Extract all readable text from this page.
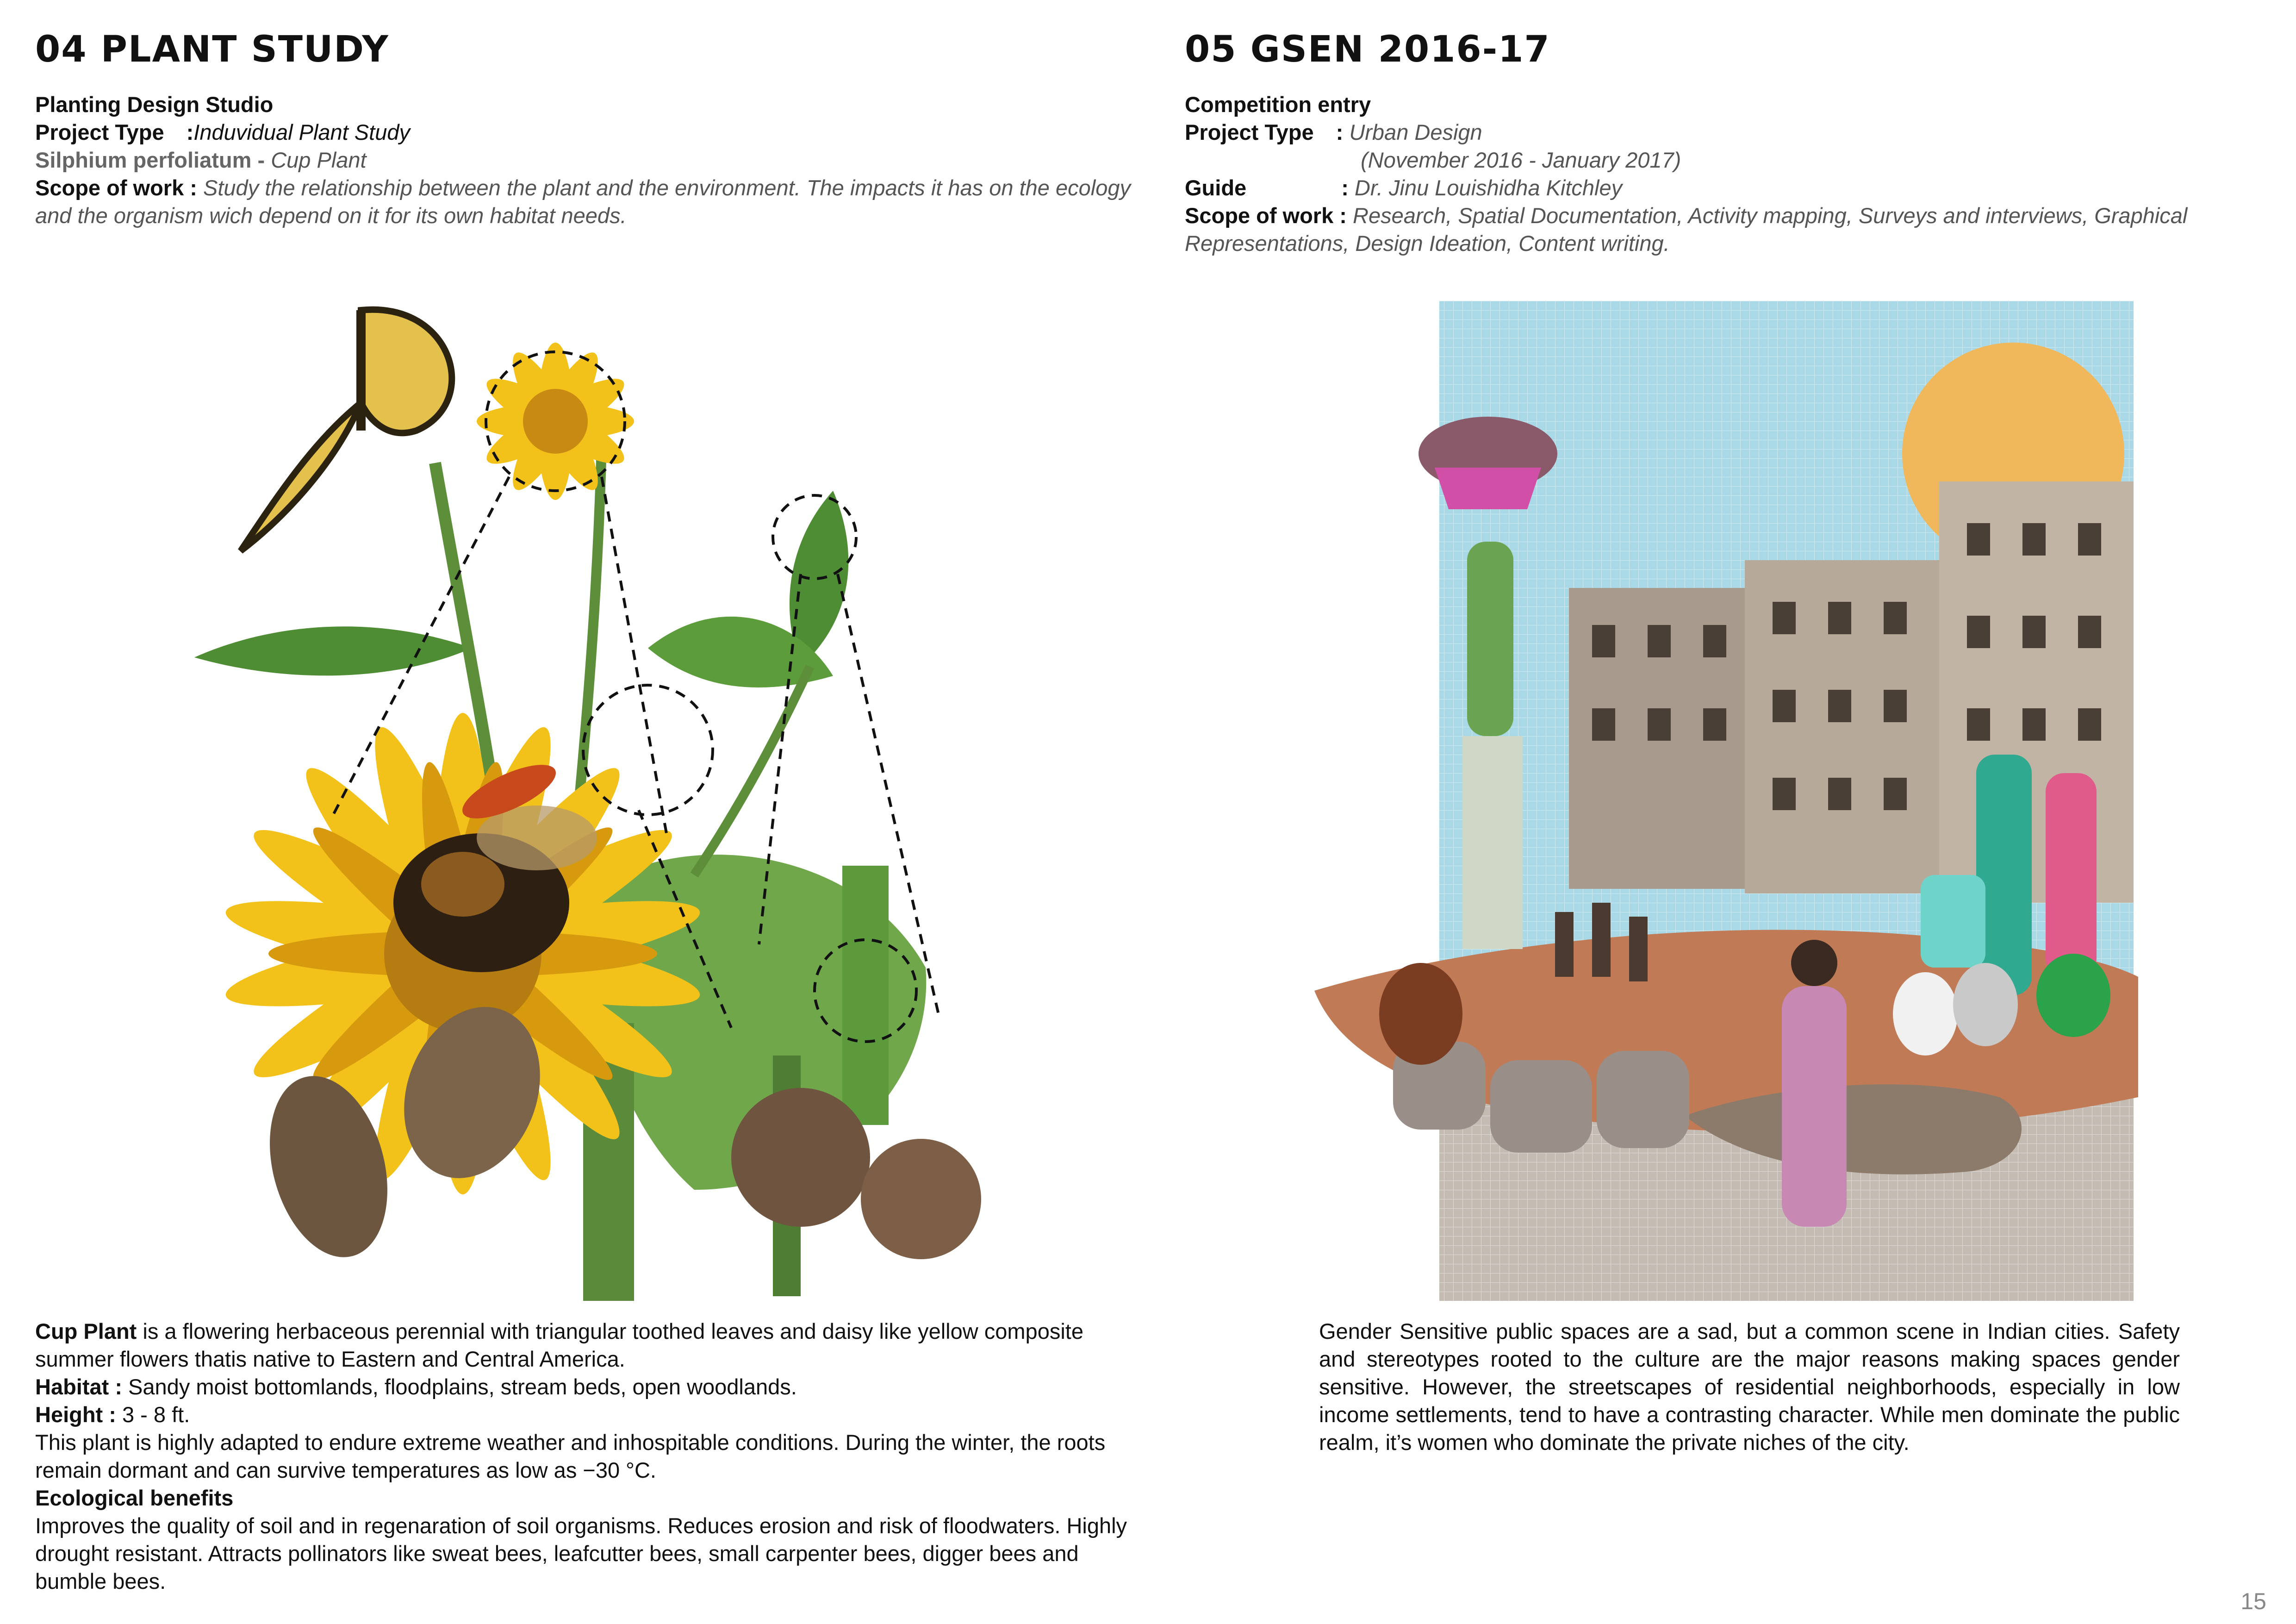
04 PLANT STUDY
Planting Design Studio
Project Type :Induvidual Plant Study
Silphium perfoliatum - Cup Plant
Scope of work : Study the relationship between the plant and the environment. The impacts it has on the ecology and the organism wich depend on it for its own habitat needs.
05 GSEN 2016-17
Competition entry
Project Type : Urban Design
(November 2016 - January 2017)
Guide	: Dr. Jinu Louishidha Kitchley
Scope of work : Research, Spatial Documentation, Activity mapping, Surveys and interviews, Graphical Representations, Design Ideation, Content writing.

Cup Plant is a flowering herbaceous perennial with triangular toothed leaves and daisy like yellow composite summer flowers thatis native to Eastern and Central America.

Habitat : Sandy moist bottomlands, floodplains, stream beds, open woodlands.

Height : 3 - 8 ft.

This plant is highly adapted to endure extreme weather and inhospitable conditions. During the winter, the roots remain dormant and can survive temperatures as low as −30 °C.

Ecological benefits

Improves the quality of soil and in regenaration of soil organisms. Reduces erosion and risk of floodwaters. Highly drought resistant. Attracts pollinators like sweat bees, leafcutter bees, small carpenter bees, digger bees and bumble bees.

Gender Sensitive public spaces are a sad, but a common scene in Indian cities. Safety and stereotypes rooted to the culture are the major reasons making spaces gender sensitive. However, the streetscapes of residential neighborhoods, especially in low income settlements, tend to have a contrasting character. While men dominate the public realm, it’s women who dominate the private niches of the city.

15
